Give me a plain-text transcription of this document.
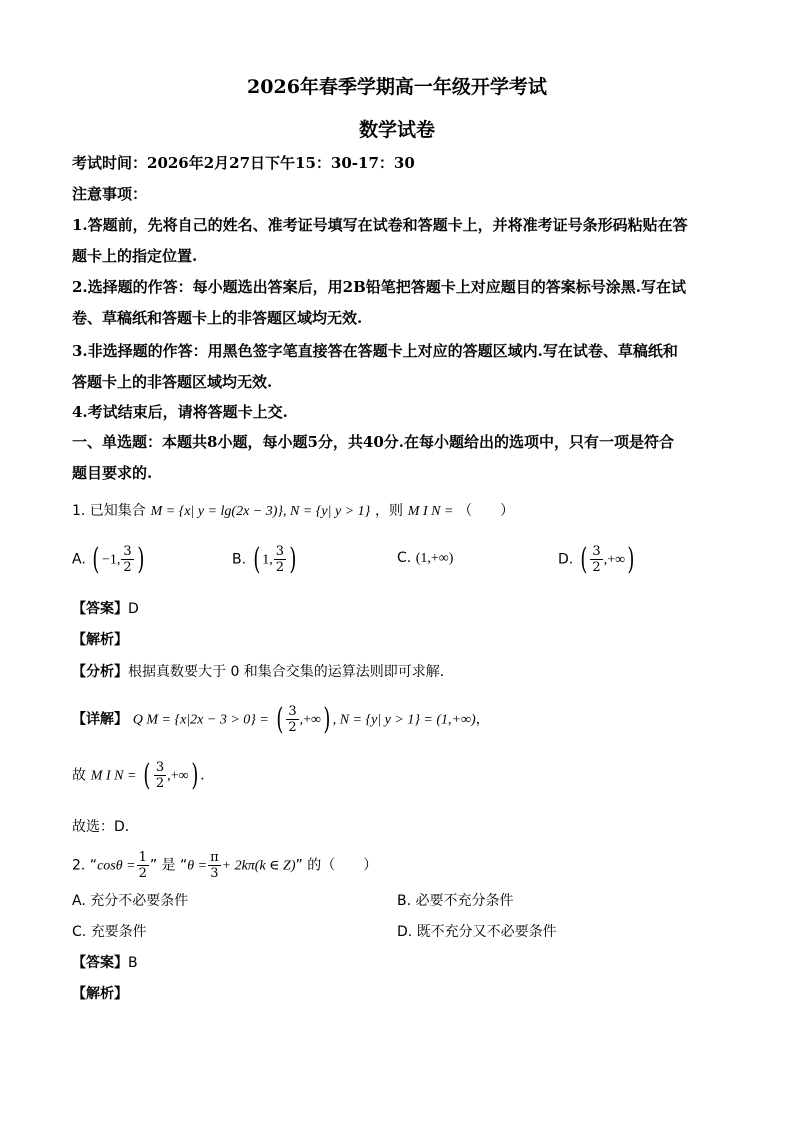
2026年春季学期高一年级开学考试
数学试卷
考试时间：2026年2月27日下午15：30-17：30
注意事项：
1.答题前，先将自己的姓名、准考证号填写在试卷和答题卡上，并将准考证号条形码粘贴在答
题卡上的指定位置.
2.选择题的作答：每小题选出答案后，用2B铅笔把答题卡上对应题目的答案标号涂黑.写在试
卷、草稿纸和答题卡上的非答题区域均无效.
3.非选择题的作答：用黑色签字笔直接答在答题卡上对应的答题区域内.写在试卷、草稿纸和
答题卡上的非答题区域均无效.
4.考试结束后，请将答题卡上交.
一、单选题：本题共8小题，每小题5分，共40分.在每小题给出的选项中，只有一项是符合
题目要求的.
1. 已知集合 M = {x| y = lg(2x − 3)}, N = {y| y > 1} ，则 M I N = （　　）
A. ( −1, $\frac{3}{2}$ )	B. ( 1, $\frac{3}{2}$ )	C. (1,+∞)	D. ( $\frac{3}{2}$ ,+∞)
【答案】D
【解析】
【分析】根据真数要大于 0 和集合交集的运算法则即可求解．
【详解】 Q M = {x|2x − 3 > 0} = ( $\frac{3}{2}$ ,+∞) , N = {y| y > 1} = (1,+∞)，
故 M I N = ( $\frac{3}{2}$ ,+∞) ．
故选：D．
2. “$\cos\theta = \frac{1}{2}$ ” 是 “$\theta = \frac{\pi}{3} + 2k\pi(k$ ∈ Z)” 的（　　）
A. 充分不必要条件	B. 必要不充分条件
C. 充要条件	D. 既不充分又不必要条件
【答案】B
【解析】
